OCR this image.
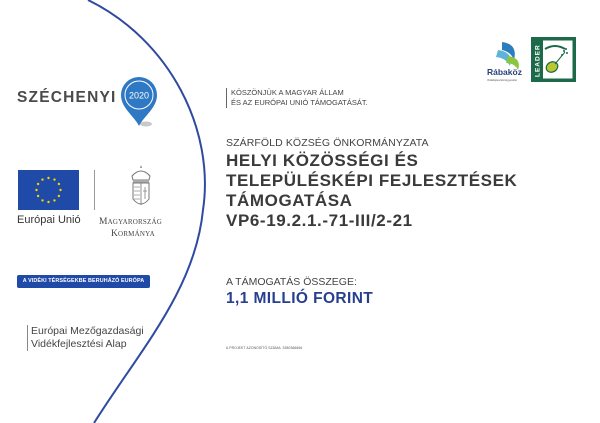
SZÉCHENYI 2020
Európai Unió Magyarország
Kormánya
A VIDÉKI TÉRSÉGEKBE BERUHÁZÓ EURÓPA
Európai Mezőgazdasági
Vidékfejlesztési Alap
KÖSZÖNJÜK A MAGYAR ÁLLAM
ÉS AZ EURÓPAI UNIÓ TÁMOGATÁSÁT.
SZÁRFÖLD KÖZSÉG ÖNKORMÁNYZATA
HELYI KÖZÖSSÉGI ÉS
TELEPÜLÉSKÉPI FEJLESZTÉSEK
TÁMOGATÁSA
VP6-19.2.1.-71-III/2-21
A TÁMOGATÁS ÖSSZEGE:
1,1 MILLIÓ FORINT
A PROJEKT AZONOSÍTÓ SZÁMA: 3380366666
Rábaköz
Vidékfejlesztési Egyesület
LEADER
